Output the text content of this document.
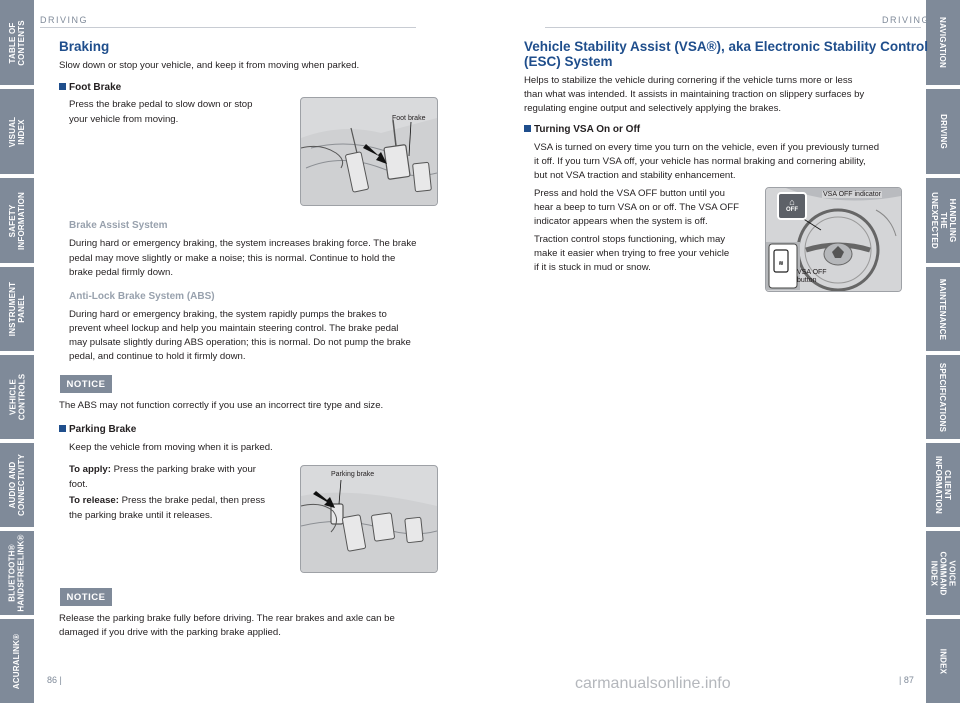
TABLE OF
CONTENTS
VISUAL INDEX
SAFETY
INFORMATION
INSTRUMENT
PANEL
VEHICLE
CONTROLS
AUDIO AND
CONNECTIVITY
BLUETOOTH®
HANDSFREELINK®
ACURALINK®
NAVIGATION
DRIVING
HANDLING THE
UNEXPECTED
MAINTENANCE
SPECIFICATIONS
CLIENT
INFORMATION
VOICE COMMAND
INDEX
INDEX
DRIVING	DRIVING
Braking
Slow down or stop your vehicle, and keep it from moving when parked.
Foot Brake
Press the brake pedal to slow down or stop
your vehicle from moving.	Foot brake
Brake Assist System
During hard or emergency braking, the system increases braking force. The brake
pedal may move slightly or make a noise; this is normal. Continue to hold the
brake pedal firmly down.
Anti-Lock Brake System (ABS)
During hard or emergency braking, the system rapidly pumps the brakes to
prevent wheel lockup and help you maintain steering control. The brake pedal
may pulsate slightly during ABS operation; this is normal. Do not pump the brake
pedal, and continue to hold it firmly down.
NOTICE
The ABS may not function correctly if you use an incorrect tire type and size.
Parking Brake
Keep the vehicle from moving when it is parked.
To apply: Press the parking brake with your
foot.
To release: Press the brake pedal, then press
the parking brake until it releases.
Parking brake
NOTICE
Release the parking brake fully before driving. The rear brakes and axle can be
damaged if you drive with the parking brake applied.
86 |
Vehicle Stability Assist (VSA®), aka Electronic Stability Control
(ESC) System
Helps to stabilize the vehicle during cornering if the vehicle turns more or less
than what was intended. It assists in maintaining traction on slippery surfaces by
regulating engine output and selectively applying the brakes.
Turning VSA On or Off
VSA is turned on every time you turn on the vehicle, even if you previously turned
it off. If you turn VSA off, your vehicle has normal braking and cornering ability,
but not VSA traction and stability enhancement.
Press and hold the VSA OFF button until you
hear a beep to turn VSA on or off. The VSA OFF
indicator appears when the system is off.
Traction control stops functioning, which may
make it easier when trying to free your vehicle
if it is stuck in mud or snow.	≋
⌂
OFF
VSA OFF indicator
VSA OFF
button
| 87
carmanualsonline.info
